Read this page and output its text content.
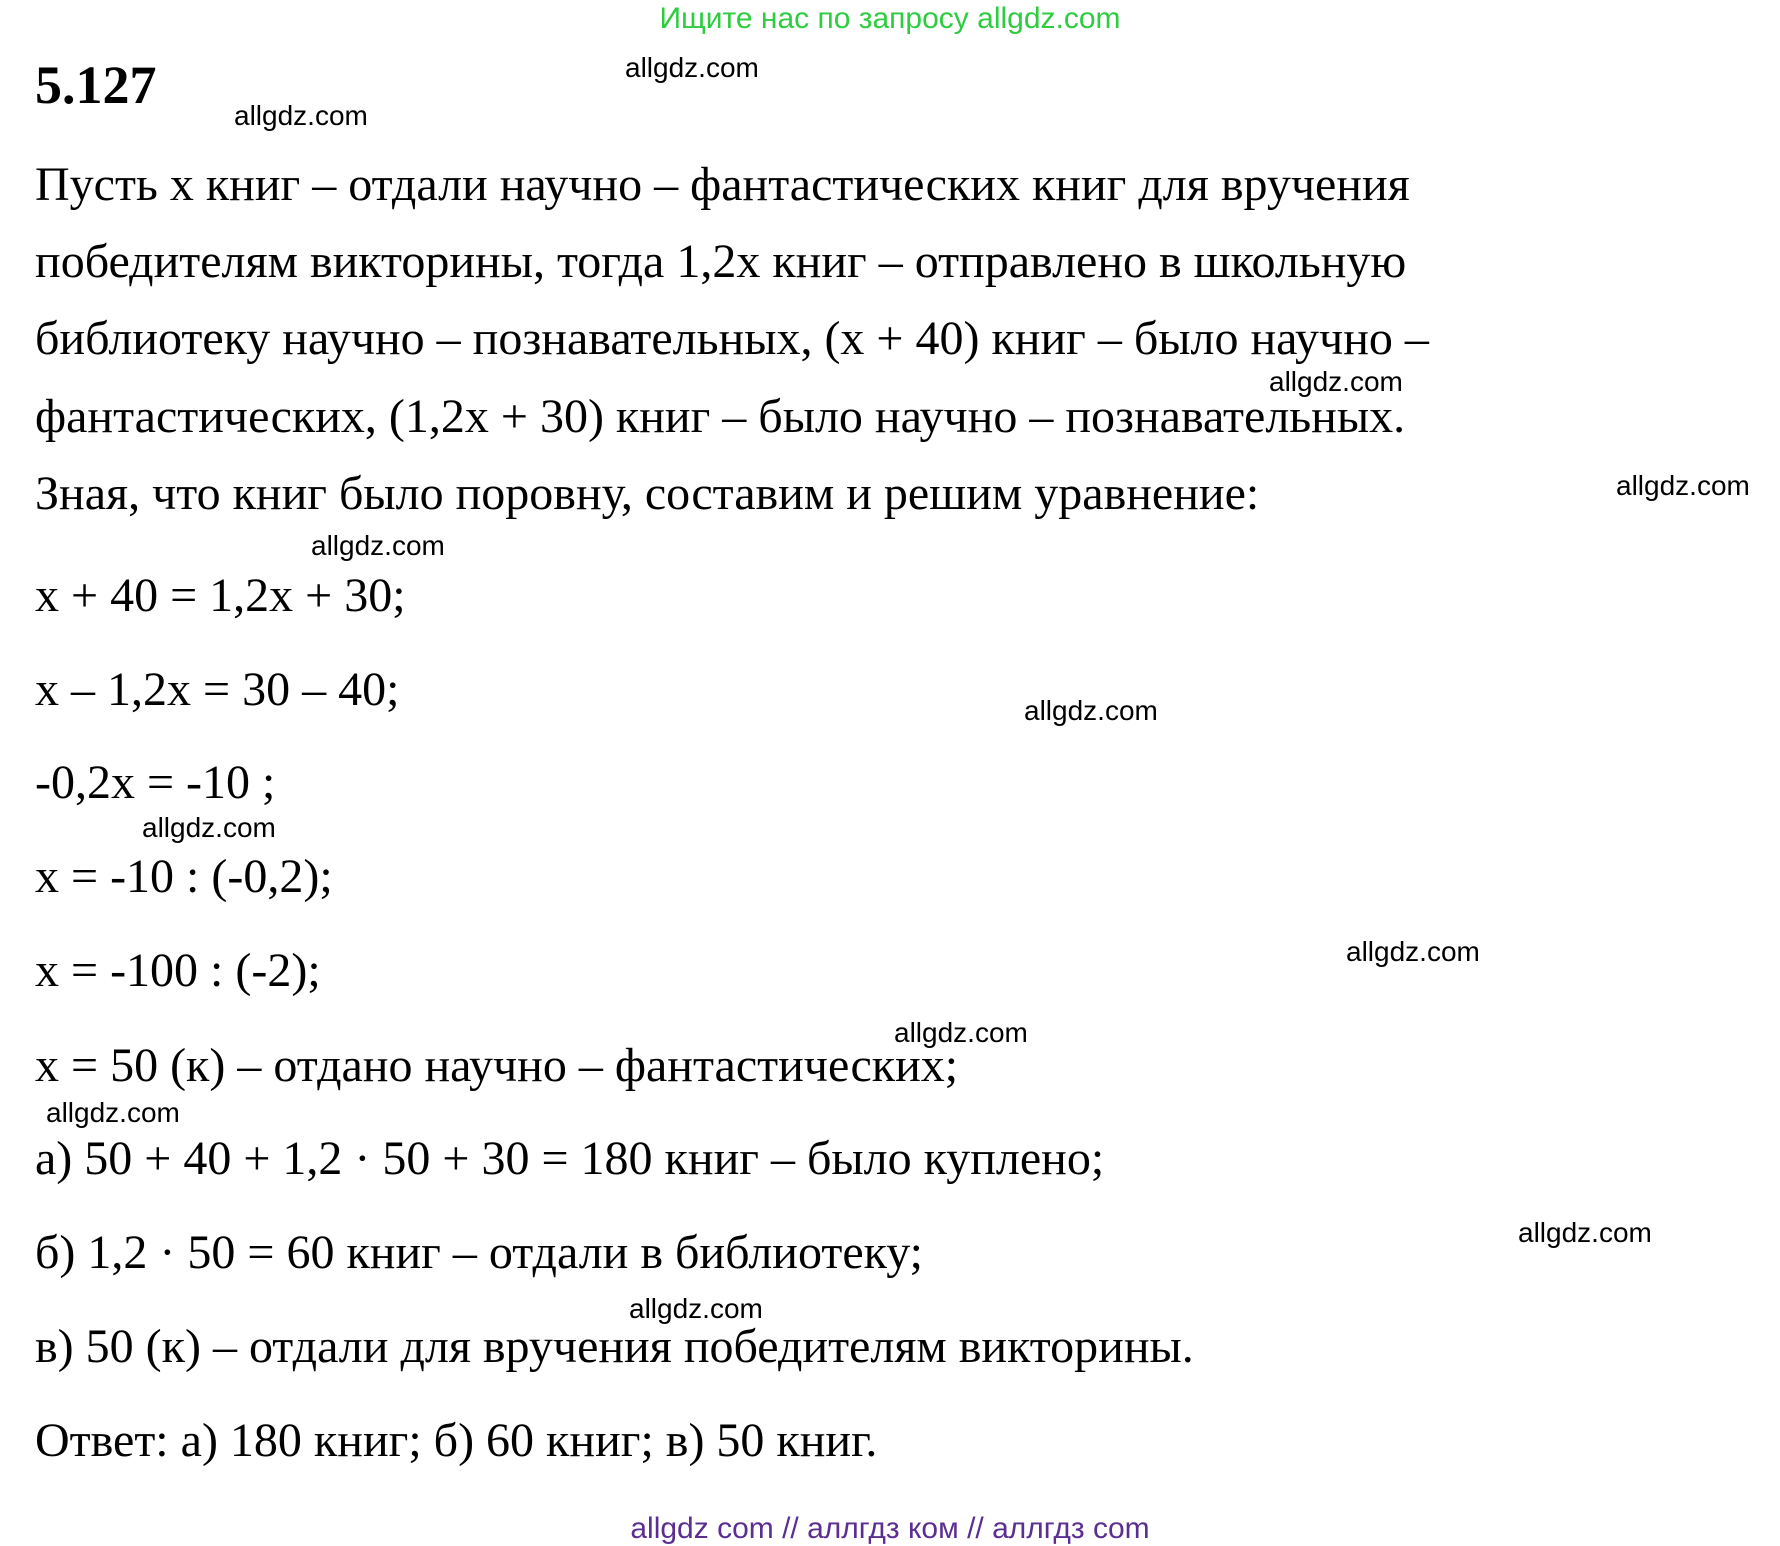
Ищите нас по запросу allgdz.com
5.127
Пусть х книг – отдали научно – фантастических книг для вручения
победителям викторины, тогда 1,2х книг – отправлено в школьную
библиотеку научно – познавательных, (х + 40) книг – было научно –
фантастических, (1,2х + 30) книг – было научно – познавательных.
Зная, что книг было поровну, составим и решим уравнение:
х + 40 = 1,2х + 30;
х – 1,2х = 30 – 40;
-0,2х = -10 ;
х = -10 : (-0,2);
х = -100 : (-2);
х = 50 (к) – отдано научно – фантастических;
а) 50 + 40 + 1,2 · 50 + 30 = 180 книг – было куплено;
б) 1,2 · 50 = 60 книг – отдали в библиотеку;
в) 50 (к) – отдали для вручения победителям викторины.
Ответ: а) 180 книг; б) 60 книг; в) 50 книг.
allgdz.com
allgdz.com
allgdz.com
allgdz.com
allgdz.com
allgdz.com
allgdz.com
allgdz.com
allgdz.com
allgdz.com
allgdz.com
allgdz.com
allgdz com // аллгдз ком // аллгдз com
